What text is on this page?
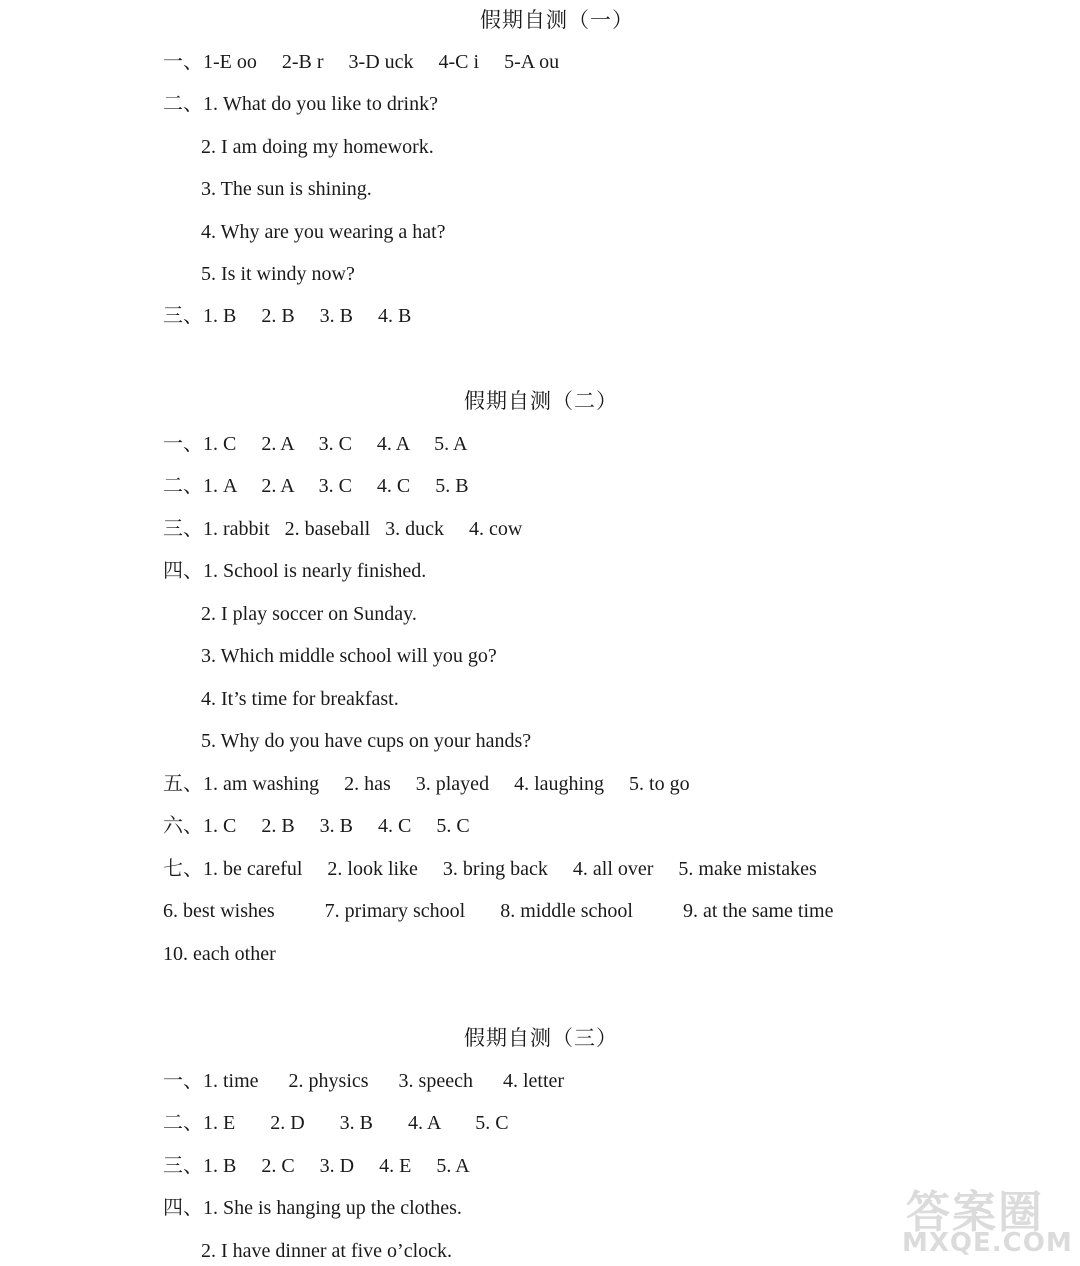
假期自测（一）
一、1-E oo     2-B r     3-D uck     4-C i     5-A ou
二、1. What do you like to drink?
2. I am doing my homework.
3. The sun is shining.
4. Why are you wearing a hat?
5. Is it windy now?
三、1. B     2. B     3. B     4. B
假期自测（二）
一、1. C     2. A     3. C     4. A     5. A
二、1. A     2. A     3. C     4. C     5. B
三、1. rabbit   2. baseball   3. duck     4. cow
四、1. School is nearly finished.
2. I play soccer on Sunday.
3. Which middle school will you go?
4. It’s time for breakfast.
5. Why do you have cups on your hands?
五、1. am washing     2. has     3. played     4. laughing     5. to go
六、1. C     2. B     3. B     4. C     5. C
七、1. be careful     2. look like     3. bring back     4. all over     5. make mistakes
6. best wishes          7. primary school       8. middle school          9. at the same time
10. each other
假期自测（三）
一、1. time      2. physics      3. speech      4. letter
二、1. E       2. D       3. B       4. A       5. C
三、1. B     2. C     3. D     4. E     5. A
四、1. She is hanging up the clothes.
2. I have dinner at five o’clock.
答案圈
MXQE.COM
